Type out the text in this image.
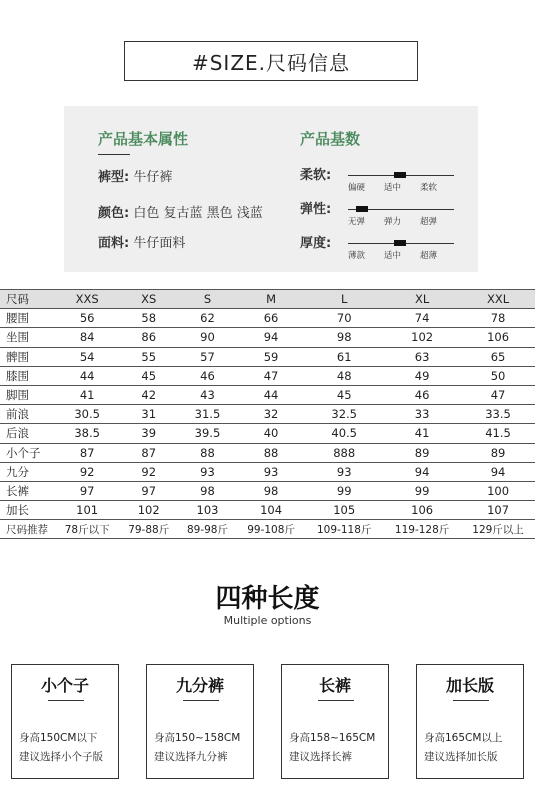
#SIZE.尺码信息
产品基本属性
裤型: 牛仔裤
颜色: 白色 复古蓝 黑色 浅蓝
面料: 牛仔面料
产品基数
柔软:
偏硬 适中 柔软
弹性:
无弹 弹力 超弹
厚度:
薄款 适中 超薄
尺码	XXS	XS	S	M	L	XL	XXL
腰围	56	58	62	66	70	74	78
坐围	84	86	90	94	98	102	106
髀围	54	55	57	59	61	63	65
膝围	44	45	46	47	48	49	50
脚围	41	42	43	44	45	46	47
前浪	30.5	31	31.5	32	32.5	33	33.5
后浪	38.5	39	39.5	40	40.5	41	41.5
小个子	87	87	88	88	888	89	89
九分	92	92	93	93	93	94	94
长裤	97	97	98	98	99	99	100
加长	101	102	103	104	105	106	107
尺码推荐	78斤以下	79-88斤	89-98斤	99-108斤	109-118斤	119-128斤	129斤以上
四种长度
Multiple options
小个子
身高150CM以下
建议选择小个子版
九分裤
身高150~158CM
建议选择九分裤
长裤
身高158~165CM
建议选择长裤
加长版
身高165CM以上
建议选择加长版
